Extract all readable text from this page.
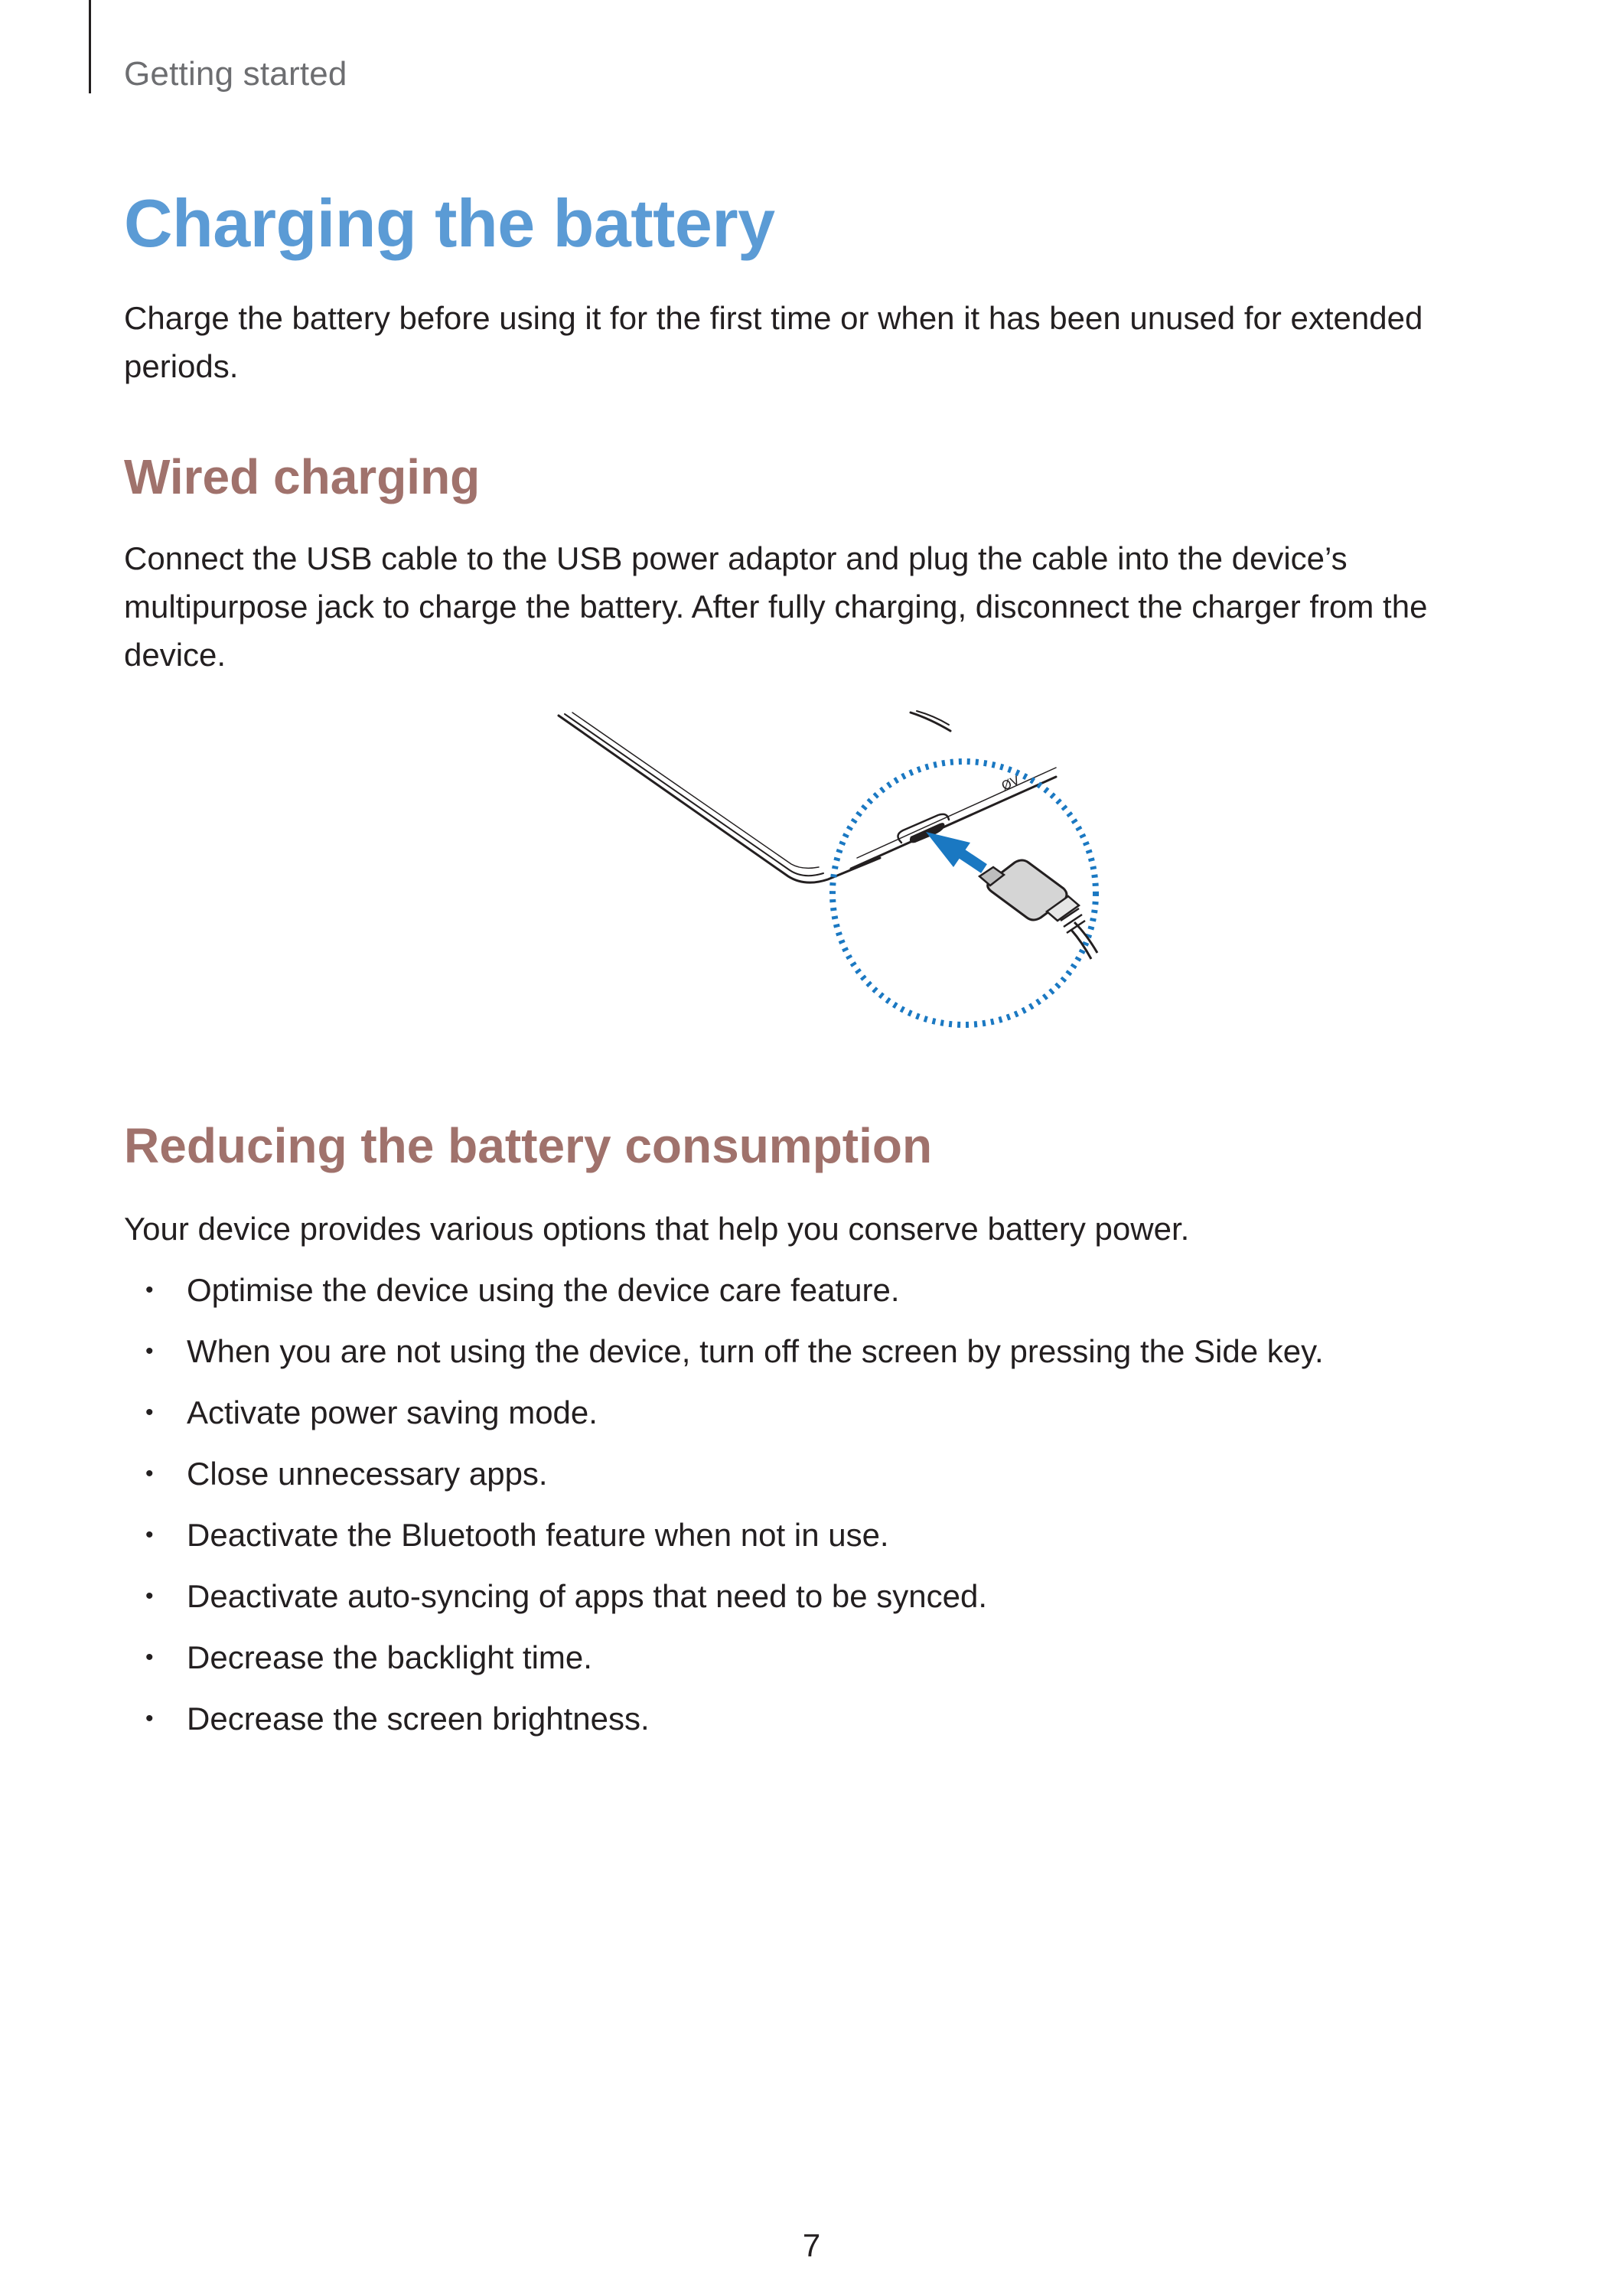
Getting started
Charging the battery

Charge the battery before using it for the first time or when it has been unused for extended periods.

Wired charging

Connect the USB cable to the USB power adaptor and plug the cable into the device’s multipurpose jack to charge the battery. After fully charging, disconnect the charger from the device.

ØV
Reducing the battery consumption

Your device provides various options that help you conserve battery power.

• Optimise the device using the device care feature.
• When you are not using the device, turn off the screen by pressing the Side key.
• Activate power saving mode.
• Close unnecessary apps.
• Deactivate the Bluetooth feature when not in use.
• Deactivate auto-syncing of apps that need to be synced.
• Decrease the backlight time.
• Decrease the screen brightness.
7
